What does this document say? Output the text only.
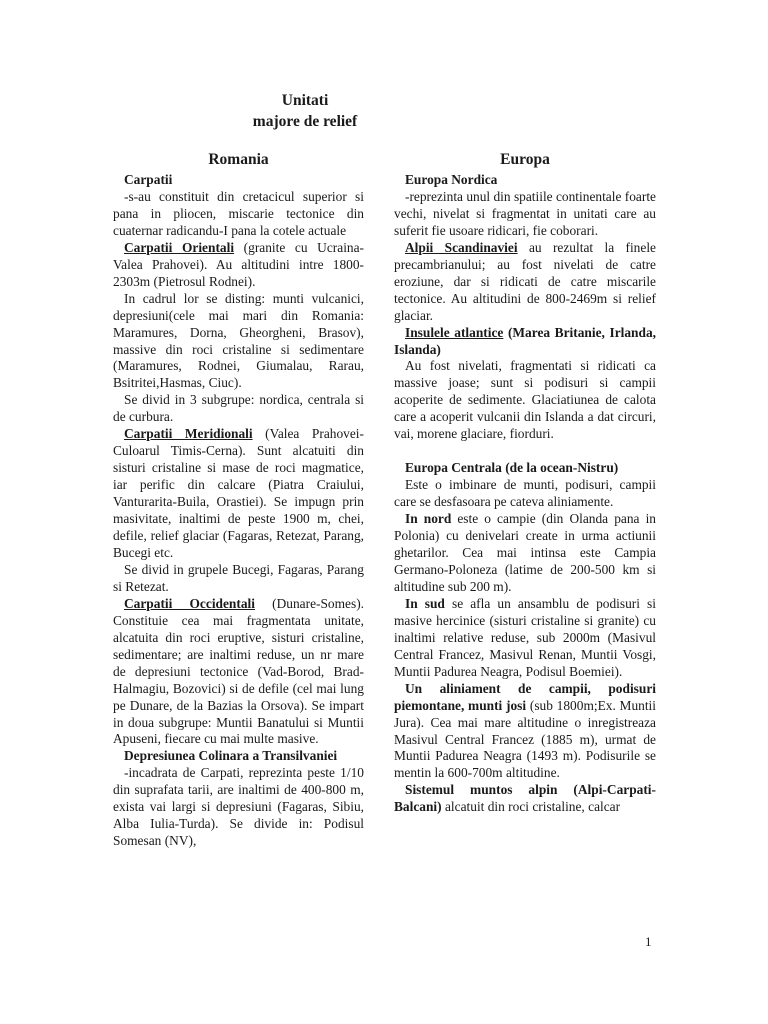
Unitati
majore de relief

Romania

Carpatii

-s-au constituit din cretacicul superior si pana in pliocen, miscarie tectonice din cuaternar radicandu-I pana la cotele actuale

Carpatii Orientali (granite cu Ucraina-Valea Prahovei). Au altitudini intre 1800-2303m (Pietrosul Rodnei).

In cadrul lor se disting: munti vulcanici, depresiuni(cele mai mari din Romania: Maramures, Dorna, Gheorgheni, Brasov), massive din roci cristaline si sedimentare (Maramures, Rodnei, Giumalau, Rarau, Bsitritei,Hasmas, Ciuc).

Se divid in 3 subgrupe: nordica, centrala si de curbura.

Carpatii Meridionali (Valea Prahovei-Culoarul Timis-Cerna). Sunt alcatuiti din sisturi cristaline si mase de roci magmatice, iar perific din calcare (Piatra Craiului, Vanturarita-Buila, Orastiei). Se impugn prin masivitate, inaltimi de peste 1900 m, chei, defile, relief glaciar (Fagaras, Retezat, Parang, Bucegi etc.

Se divid in grupele Bucegi, Fagaras, Parang si Retezat.

Carpatii Occidentali (Dunare-Somes). Constituie cea mai fragmentata unitate, alcatuita din roci eruptive, sisturi cristaline, sedimentare; are inaltimi reduse, un nr mare de depresiuni tectonice (Vad-Borod, Brad-Halmagiu, Bozovici) si de defile (cel mai lung pe Dunare, de la Bazias la Orsova). Se impart in doua subgrupe: Muntii Banatului si Muntii Apuseni, fiecare cu mai multe masive.

Depresiunea Colinara a Transilvaniei

-incadrata de Carpati, reprezinta peste 1/10 din suprafata tarii, are inaltimi de 400-800 m, exista vai largi si depresiuni (Fagaras, Sibiu, Alba Iulia-Turda). Se divide in: Podisul Somesan (NV),

Europa

Europa Nordica

-reprezinta unul din spatiile continentale foarte vechi, nivelat si fragmentat in unitati care au suferit fie usoare ridicari, fie coborari.

Alpii Scandinaviei au rezultat la finele precambrianului; au fost nivelati de catre eroziune, dar si ridicati de catre miscarile tectonice. Au altitudini de 800-2469m si relief glaciar.

Insulele atlantice (Marea Britanie, Irlanda, Islanda)

Au fost nivelati, fragmentati si ridicati ca massive joase; sunt si podisuri si campii acoperite de sedimente. Glaciatiunea de calota care a acoperit vulcanii din Islanda a dat circuri, vai, morene glaciare, fiorduri.

Europa Centrala (de la ocean-Nistru)

Este o imbinare de munti, podisuri, campii care se desfasoara pe cateva aliniamente.

In nord este o campie (din Olanda pana in Polonia) cu denivelari create in urma actiunii ghetarilor. Cea mai intinsa este Campia Germano-Poloneza (latime de 200-500 km si altitudine sub 200 m).

In sud se afla un ansamblu de podisuri si masive hercinice (sisturi cristaline si granite) cu inaltimi relative reduse, sub 2000m (Masivul Central Francez, Masivul Renan, Muntii Vosgi, Muntii Padurea Neagra, Podisul Boemiei).

Un aliniament de campii, podisuri piemontane, munti josi (sub 1800m;Ex. Muntii Jura). Cea mai mare altitudine o inregistreaza Masivul Central Francez (1885 m), urmat de Muntii Padurea Neagra (1493 m). Podisurile se mentin la 600-700m altitudine.

Sistemul muntos alpin (Alpi-Carpati-Balcani) alcatuit din roci cristaline, calcar

1
